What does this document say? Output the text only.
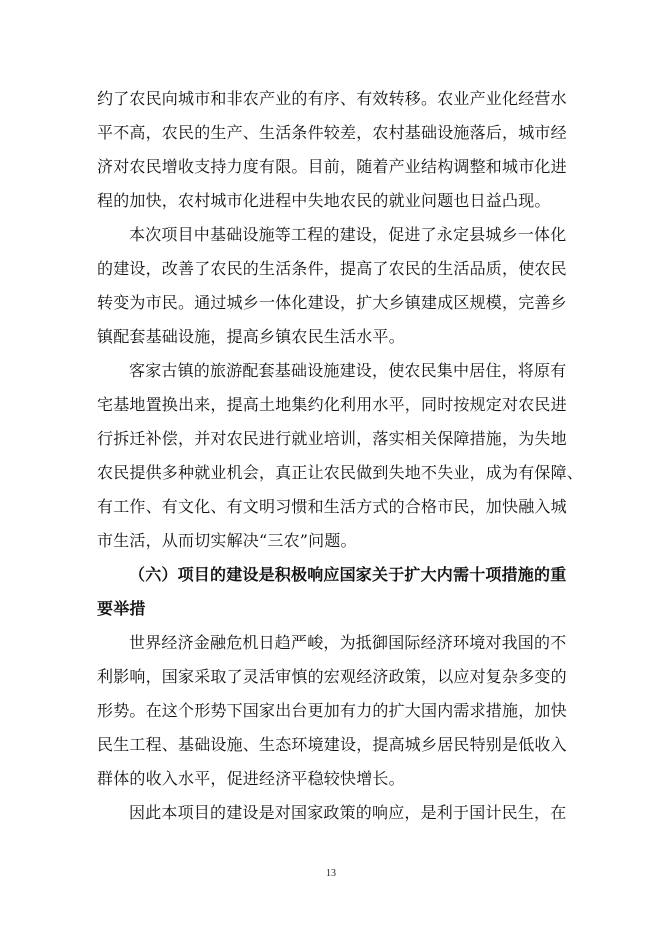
约了农民向城市和非农产业的有序、有效转移。农业产业化经营水
平不高，农民的生产、生活条件较差，农村基础设施落后，城市经
济对农民增收支持力度有限。目前，随着产业结构调整和城市化进
程的加快，农村城市化进程中失地农民的就业问题也日益凸现。

本次项目中基础设施等工程的建设，促进了永定县城乡一体化
的建设，改善了农民的生活条件，提高了农民的生活品质，使农民
转变为市民。通过城乡一体化建设，扩大乡镇建成区规模，完善乡
镇配套基础设施，提高乡镇农民生活水平。

客家古镇的旅游配套基础设施建设，使农民集中居住，将原有
宅基地置换出来，提高土地集约化利用水平，同时按规定对农民进
行拆迁补偿，并对农民进行就业培训，落实相关保障措施，为失地
农民提供多种就业机会，真正让农民做到失地不失业，成为有保障、
有工作、有文化、有文明习惯和生活方式的合格市民，加快融入城
市生活，从而切实解决“三农”问题。

（六）项目的建设是积极响应国家关于扩大内需十项措施的重
要举措

世界经济金融危机日趋严峻，为抵御国际经济环境对我国的不
利影响，国家采取了灵活审慎的宏观经济政策，以应对复杂多变的
形势。在这个形势下国家出台更加有力的扩大国内需求措施，加快
民生工程、基础设施、生态环境建设，提高城乡居民特别是低收入
群体的收入水平，促进经济平稳较快增长。

因此本项目的建设是对国家政策的响应，是利于国计民生，在

13
